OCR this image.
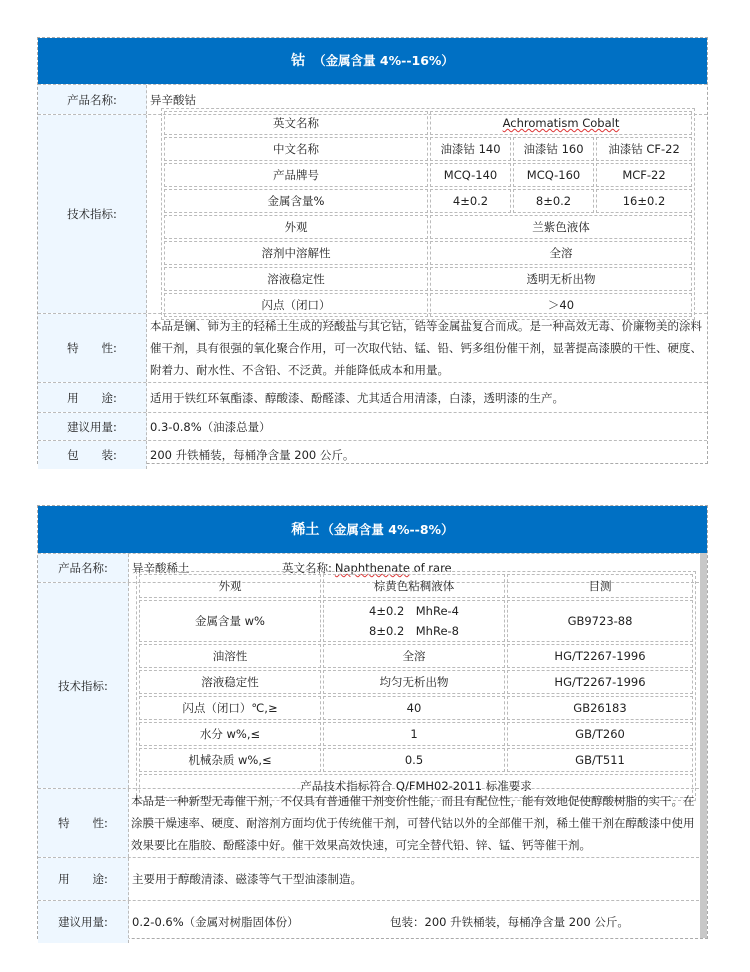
钴 （金属含量 4%--16%）
产品名称:	异辛酸钴
技术指标:
英文名称	Achromatism Cobalt		
中文名称	油漆钴 140	油漆钴 160	油漆钴 CF-22
产品牌号	MCQ-140	MCQ-160	MCF-22
金属含量%	4±0.2	8±0.2	16±0.2
外观	兰紫色液体		
溶剂中溶解性	全溶		
溶液稳定性	透明无析出物		
闪点（闭口）	＞40		
特　　性:
本品是镧、铈为主的轻稀土生成的羟酸盐与其它钴，锆等金属盐复合而成。是一种高效无毒、价廉物美的涂料催干剂，具有很强的氧化聚合作用，可一次取代钴、锰、铅、钙多组份催干剂，显著提高漆膜的干性、硬度、附着力、耐水性、不含铅、不泛黄。并能降低成本和用量。
用　　途:	适用于铁红环氧酯漆、醇酸漆、酚醛漆、尤其适合用清漆，白漆，透明漆的生产。
建议用量:	0.3-0.8%（油漆总量）
包　　装:	200 升铁桶装，每桶净含量 200 公斤。
稀土 （金属含量 4%--8%）
产品名称:	异辛酸稀土	英文名称: Naphthenate
of rare
技术指标:
外观	棕黄色粘稠液体	目测
金属含量 w%	4±0.2　MhRe-4
8±0.2　MhRe-8	GB9723-88
油溶性	全溶	HG/T2267-1996
溶液稳定性	均匀无析出物	HG/T2267-1996
闪点（闭口）℃,≥	40	GB26183
水分 w%,≤	1	GB/T260
机械杂质 w%,≤	0.5	GB/T511
产品技术指标符合 Q/FMH02-2011 标准要求		
特　　性:
本品是一种新型无毒催干剂，不仅具有普通催干剂变价性能，而且有配位性，能有效地促使醇酸树脂的实干。在涂膜干燥速率、硬度、耐溶剂方面均优于传统催干剂，可替代钴以外的全部催干剂，稀土催干剂在醇酸漆中使用效果要比在脂胶、酚醛漆中好。催干效果高效快速，可完全替代铅、锌、锰、钙等催干剂。
用　　途:	主要用于醇酸清漆、磁漆等气干型油漆制造。
建议用量:	0.2-0.6%（金属对树脂固体份）	包装：200 升铁桶装，每桶净含量 200 公斤。
